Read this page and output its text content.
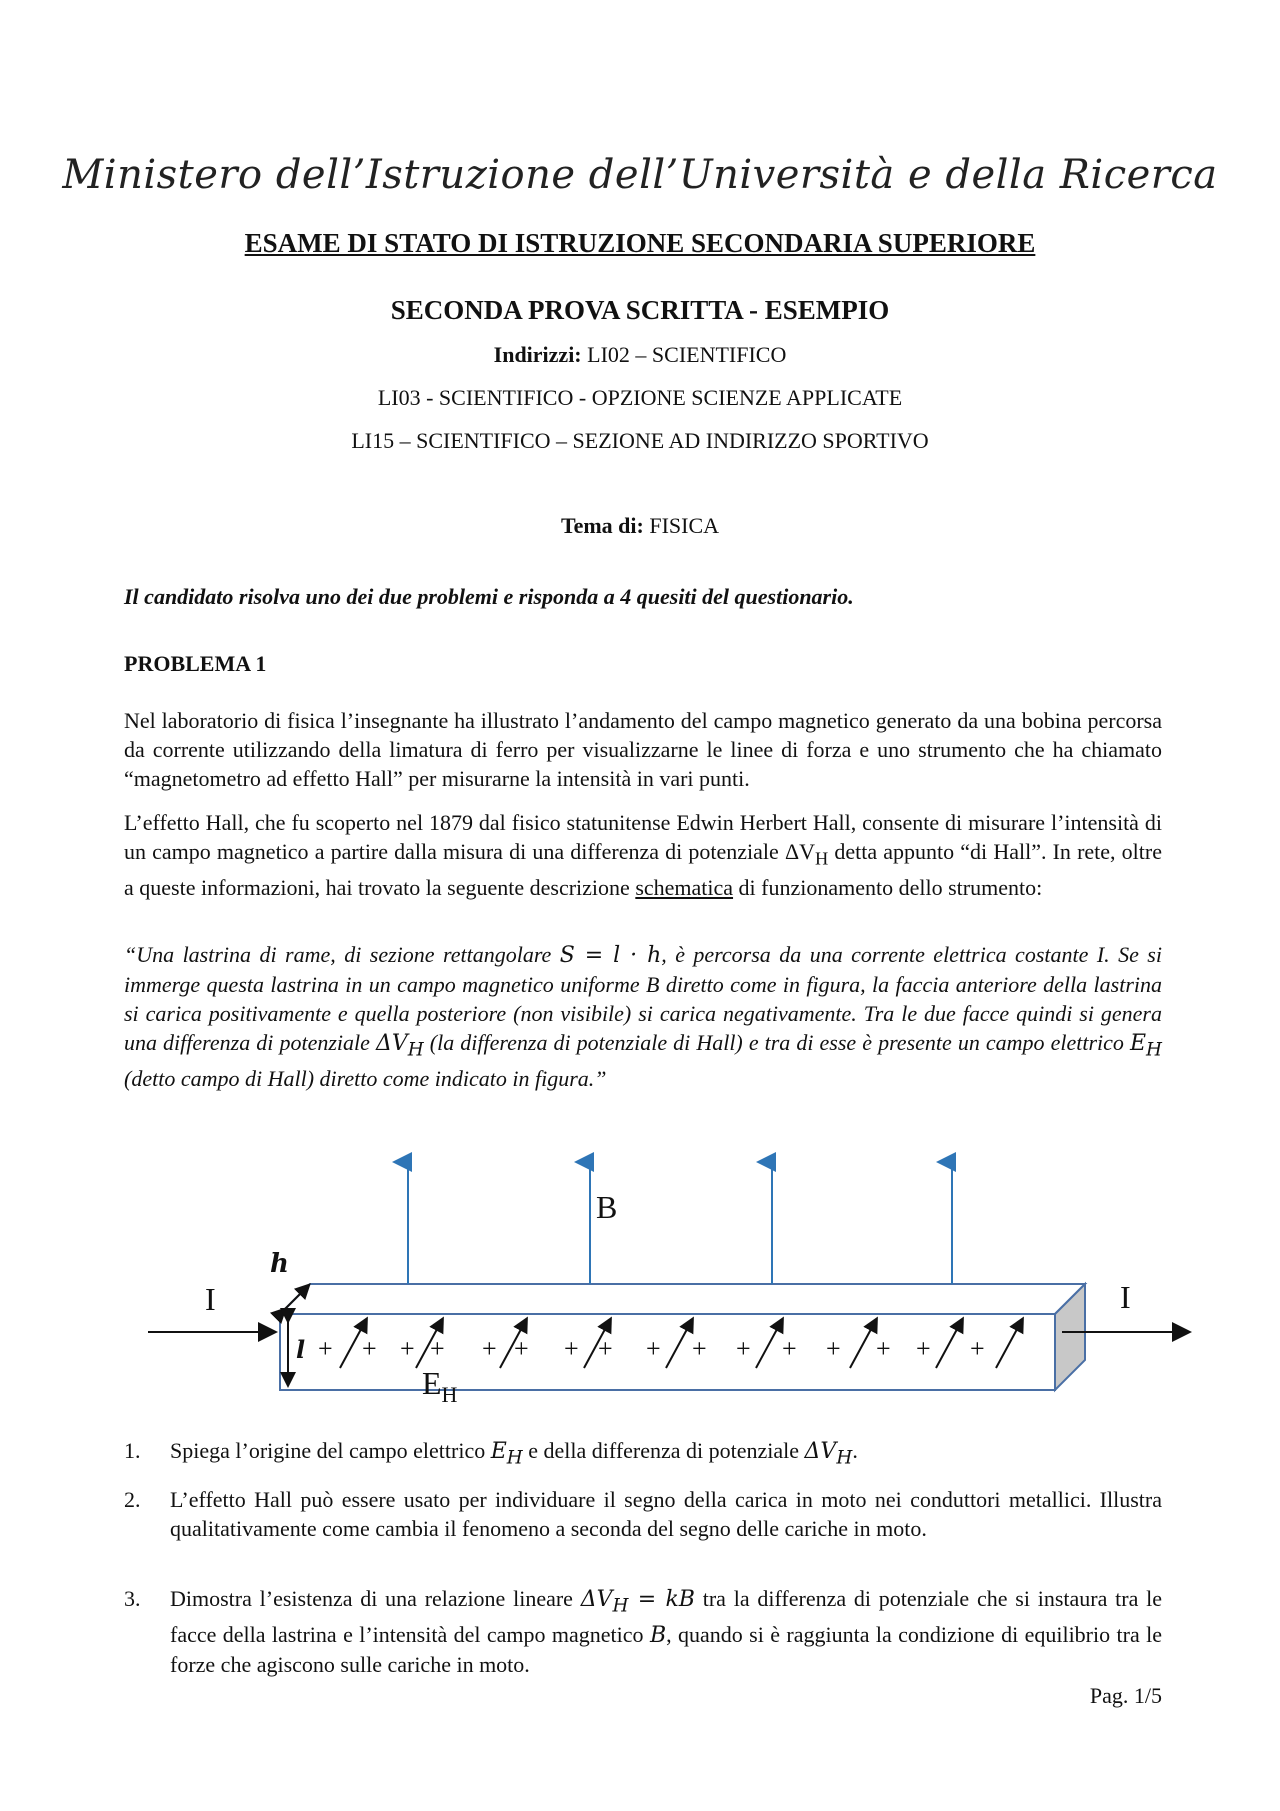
Ministero dell’Istruzione dell’Università e della Ricerca
ESAME DI STATO DI ISTRUZIONE SECONDARIA SUPERIORE
SECONDA PROVA SCRITTA - ESEMPIO
Indirizzi: LI02 – SCIENTIFICO
LI03 - SCIENTIFICO - OPZIONE SCIENZE APPLICATE
LI15 – SCIENTIFICO – SEZIONE AD INDIRIZZO SPORTIVO
Tema di: FISICA
Il candidato risolva uno dei due problemi e risponda a 4 quesiti del questionario.
PROBLEMA 1

Nel laboratorio di fisica l’insegnante ha illustrato l’andamento del campo magnetico generato da una bobina percorsa da corrente utilizzando della limatura di ferro per visualizzarne le linee di forza e uno strumento che ha chiamato “magnetometro ad effetto Hall” per misurarne la intensità in vari punti.

L’effetto Hall, che fu scoperto nel 1879 dal fisico statunitense Edwin Herbert Hall, consente di misurare l’intensità di un campo magnetico a partire dalla misura di una differenza di potenziale $\Delta V_H$ detta appunto “di Hall”. In rete, oltre a queste informazioni, hai trovato la seguente descrizione schematica di funzionamento dello strumento:

“Una lastrina di rame, di sezione rettangolare S = l · h, è percorsa da una corrente elettrica costante I. Se si immerge questa lastrina in un campo magnetico uniforme B diretto come in figura, la faccia anteriore della lastrina si carica positivamente e quella posteriore (non visibile) si carica negativamente. Tra le due facce quindi si genera una differenza di potenziale $\Delta V_H$ (la differenza di potenziale di Hall) e tra di esse è presente un campo elettrico $E_H$ (detto campo di Hall) diretto come indicato in figura.”

B
I	I
h
l + + + + + + + + + + + + + + + +
$E_H$
1. Spiega l’origine del campo elettrico $E_H$ e della differenza di potenziale $\Delta V_H$.
2. L’effetto Hall può essere usato per individuare il segno della carica in moto nei conduttori metallici. Illustra qualitativamente come cambia il fenomeno a seconda del segno delle cariche in moto.
3. Dimostra l’esistenza di una relazione lineare $\Delta V_H$ = kB tra la differenza di potenziale che si instaura tra le facce della lastrina e l’intensità del campo magnetico B, quando si è raggiunta la condizione di equilibrio tra le forze che agiscono sulle cariche in moto.
Pag. 1/5
